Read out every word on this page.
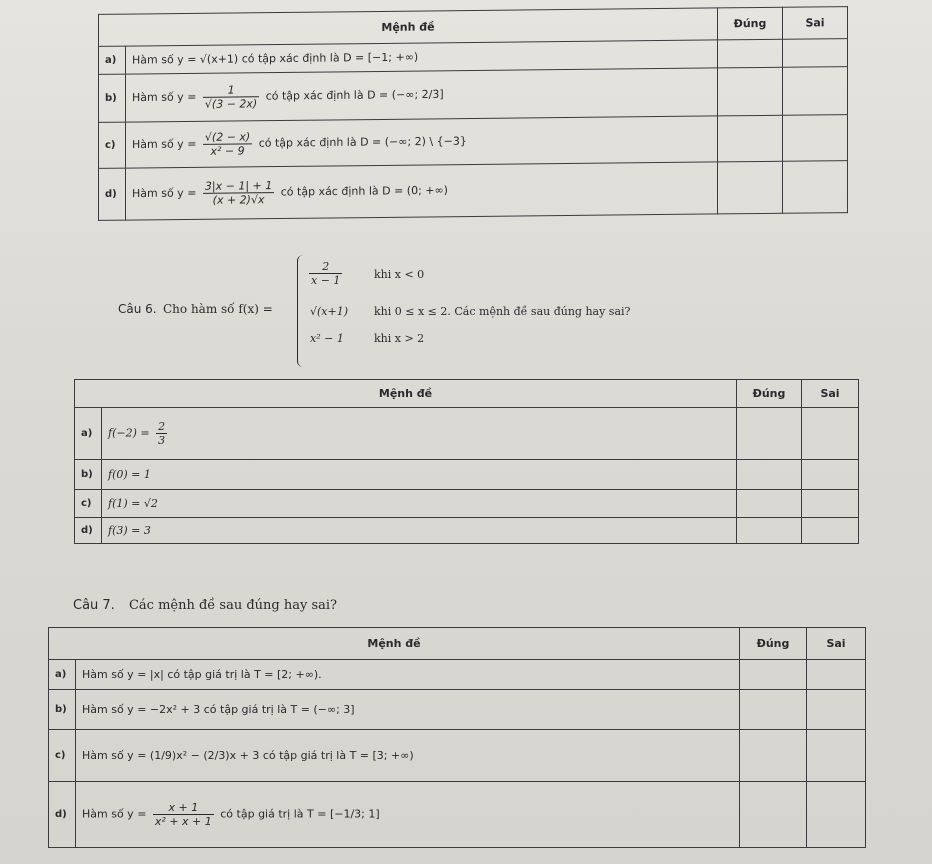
Mệnh đề		Đúng	Sai
a)	Hàm số y = √(x+1) có tập xác định là D = [−1; +∞)		
b)	Hàm số $y = \frac{1}{√(3 - 2x)}$ có tập xác định là D = (−∞; 2/3]		
c)	Hàm số $y = \frac{√(2 - x)}{\text{x² − 9}}$ có tập xác định là D = (−∞; 2) \ {−3}		
d)	Hàm số $y = \frac{3|x - 1| + 1}{(x + 2)√x}$ có tập xác định là D = (0; +∞)		
Câu 6. Cho hàm số f(x) =
$\frac{2}{x - 1}$	khi x < 0
√(x+1) khi 0 ≤ x ≤ 2. Các mệnh đề sau đúng hay sai?
x² − 1	khi x > 2
Mệnh đề		Đúng	Sai
a)	$f(-2) = \frac{2}{3}$

b)	f(0) = 1		
c)	f(1) = √2		
d)	f(3) = 3		
Câu 7. Các mệnh đề sau đúng hay sai?
Mệnh đề		Đúng	Sai
a)	Hàm số y = |x| có tập giá trị là T = [2; +∞).		
b)	Hàm số y = −2x² + 3 có tập giá trị là T = (−∞; 3]		
c)	Hàm số y = (1/9)x² − (2/3)x + 3 có tập giá trị là T = [3; +∞)		
d)	Hàm số $y = \frac{x + 1}{\text{x² + x + 1}}$ có tập giá trị là T = [−1/3; 1]		
